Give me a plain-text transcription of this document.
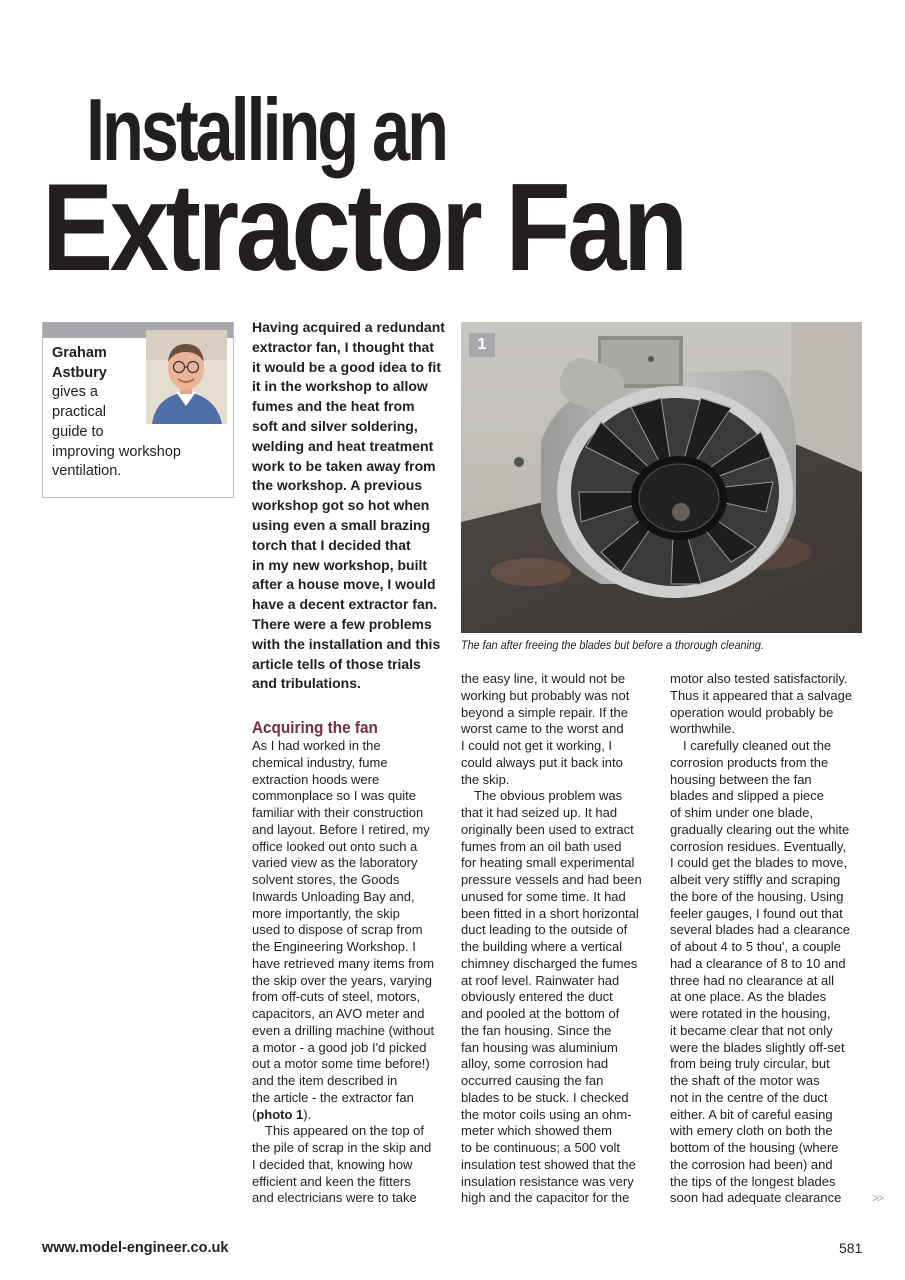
Installing an
Extractor Fan
Graham
Astbury
gives a
practical
guide to
improving workshop
ventilation.
Having acquired a redundant
extractor fan, I thought that
it would be a good idea to fit
it in the workshop to allow
fumes and the heat from
soft and silver soldering,
welding and heat treatment
work to be taken away from
the workshop. A previous
workshop got so hot when
using even a small brazing
torch that I decided that
in my new workshop, built
after a house move, I would
have a decent extractor fan.
There were a few problems
with the installation and this
article tells of those trials
and tribulations.
Acquiring the fan

As I had worked in the

chemical industry, fume

extraction hoods were

commonplace so I was quite

familiar with their construction

and layout. Before I retired, my

office looked out onto such a

varied view as the laboratory

solvent stores, the Goods

Inwards Unloading Bay and,

more importantly, the skip

used to dispose of scrap from

the Engineering Workshop. I

have retrieved many items from

the skip over the years, varying

from off-cuts of steel, motors,

capacitors, an AVO meter and

even a drilling machine (without

a motor - a good job I'd picked

out a motor some time before!)

and the item described in

the article - the extractor fan

(photo 1).

This appeared on the top of

the pile of scrap in the skip and

I decided that, knowing how

efficient and keen the fitters

and electricians were to take

1
The fan after freeing the blades but before a thorough cleaning.

the easy line, it would not be

working but probably was not

beyond a simple repair. If the

worst came to the worst and

I could not get it working, I

could always put it back into

the skip.

The obvious problem was

that it had seized up. It had

originally been used to extract

fumes from an oil bath used

for heating small experimental

pressure vessels and had been

unused for some time. It had

been fitted in a short horizontal

duct leading to the outside of

the building where a vertical

chimney discharged the fumes

at roof level. Rainwater had

obviously entered the duct

and pooled at the bottom of

the fan housing. Since the

fan housing was aluminium

alloy, some corrosion had

occurred causing the fan

blades to be stuck. I checked

the motor coils using an ohm-

meter which showed them

to be continuous; a 500 volt

insulation test showed that the

insulation resistance was very

high and the capacitor for the

motor also tested satisfactorily.

Thus it appeared that a salvage

operation would probably be

worthwhile.

I carefully cleaned out the

corrosion products from the

housing between the fan

blades and slipped a piece

of shim under one blade,

gradually clearing out the white

corrosion residues. Eventually,

I could get the blades to move,

albeit very stiffly and scraping

the bore of the housing. Using

feeler gauges, I found out that

several blades had a clearance

of about 4 to 5 thou', a couple

had a clearance of 8 to 10 and

three had no clearance at all

at one place. As the blades

were rotated in the housing,

it became clear that not only

were the blades slightly off-set

from being truly circular, but

the shaft of the motor was

not in the centre of the duct

either. A bit of careful easing

with emery cloth on both the

bottom of the housing (where

the corrosion had been) and

the tips of the longest blades

soon had adequate clearance	>>
www.model-engineer.co.uk	581
